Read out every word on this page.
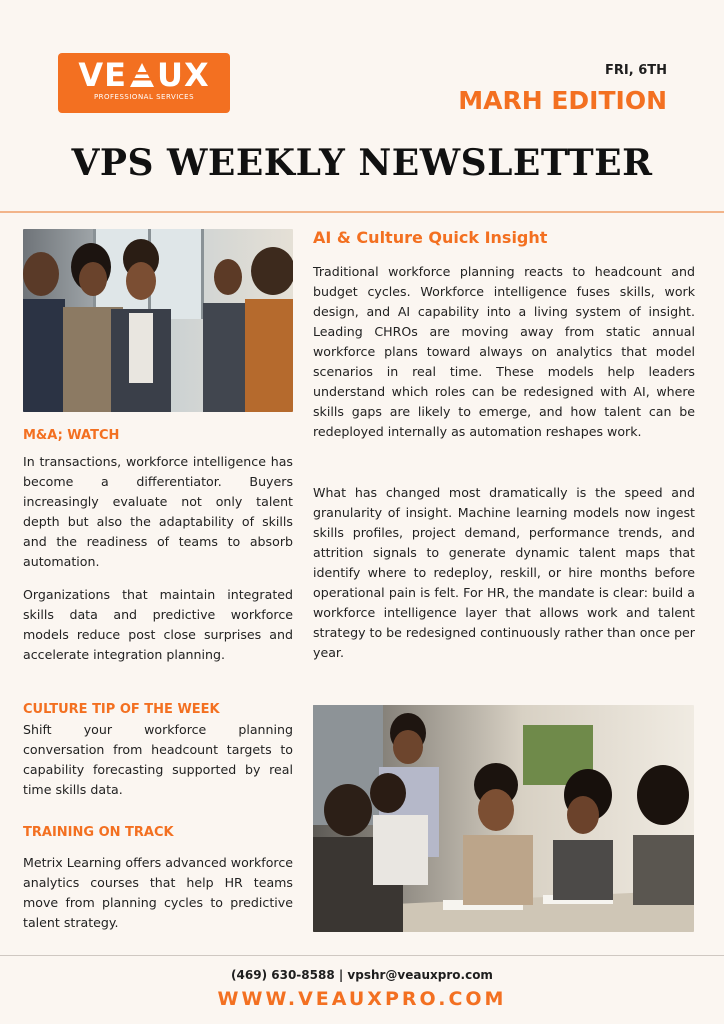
VE UX
PROFESSIONAL SERVICES
FRI, 6TH
MARH EDITION
VPS WEEKLY NEWSLETTER
AI & Culture Quick Insight

Traditional workforce planning reacts to headcount and budget cycles. Workforce intelligence fuses skills, work design, and AI capability into a living system of insight. Leading CHROs are moving away from static annual workforce plans toward always on analytics that model scenarios in real time. These models help leaders understand which roles can be redesigned with AI, where skills gaps are likely to emerge, and how talent can be redeployed internally as automation reshapes work.

What has changed most dramatically is the speed and granularity of insight. Machine learning models now ingest skills profiles, project demand, performance trends, and attrition signals to generate dynamic talent maps that identify where to redeploy, reskill, or hire months before operational pain is felt. For HR, the mandate is clear: build a workforce intelligence layer that allows work and talent strategy to be redesigned continuously rather than once per year.

M&A; WATCH

In transactions, workforce intelligence has become a differentiator. Buyers increasingly evaluate not only talent depth but also the adaptability of skills and the readiness of teams to absorb automation.

Organizations that maintain integrated skills data and predictive workforce models reduce post close surprises and accelerate integration planning.

CULTURE TIP OF THE WEEK

Shift your workforce planning conversation from headcount targets to capability forecasting supported by real time skills data.

TRAINING ON TRACK

Metrix Learning offers advanced workforce analytics courses that help HR teams move from planning cycles to predictive talent strategy.

(469) 630-8588 | vpshr@veauxpro.com
WWW.VEAUXPRO.COM
